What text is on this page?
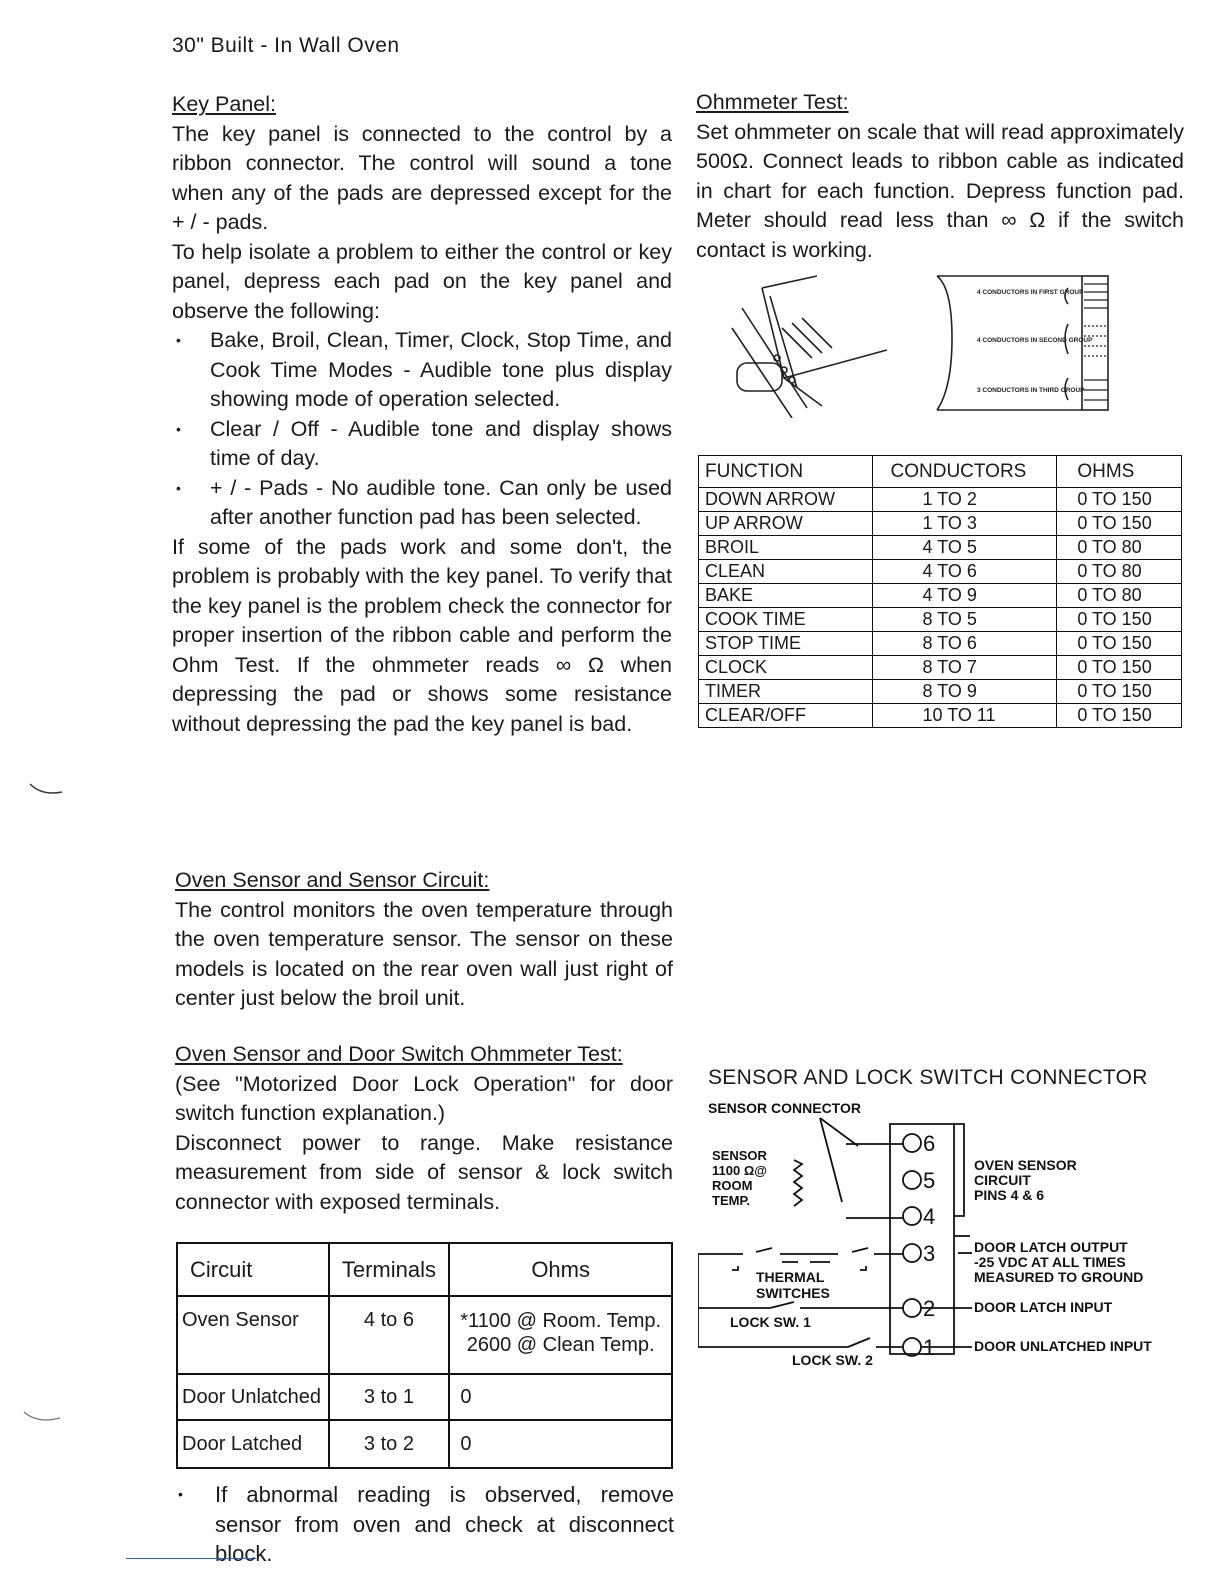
30" Built - In Wall Oven

Key Panel:

The key panel is connected to the control by a ribbon connector. The control will sound a tone when any of the pads are depressed except for the + / - pads.

To help isolate a problem to either the control or key panel, depress each pad on the key panel and observe the following:

• Bake, Broil, Clean, Timer, Clock, Stop Time, and Cook Time Modes - Audible tone plus display showing mode of operation selected.
• Clear / Off - Audible tone and display shows time of day.
• + / - Pads - No audible tone. Can only be used after another function pad has been selected.

If some of the pads work and some don't, the problem is probably with the key panel. To verify that the key panel is the problem check the connector for proper insertion of the ribbon cable and perform the Ohm Test. If the ohmmeter reads ∞ Ω when depressing the pad or shows some resistance without depressing the pad the key panel is bad.

Ohmmeter Test:

Set ohmmeter on scale that will read approximately 500Ω. Connect leads to ribbon cable as indicated in chart for each function. Depress function pad. Meter should read less than ∞ Ω if the switch contact is working.

4 CONDUCTORS IN FIRST GROUP
4 CONDUCTORS IN SECOND GROUP
3 CONDUCTORS IN THIRD GROUP
FUNCTION	CONDUCTORS	OHMS
DOWN ARROW	1 TO 2	0 TO 150
UP ARROW	1 TO 3	0 TO 150
BROIL	4 TO 5	0 TO 80
CLEAN	4 TO 6	0 TO 80
BAKE	4 TO 9	0 TO 80
COOK TIME	8 TO 5	0 TO 150
STOP TIME	8 TO 6	0 TO 150
CLOCK	8 TO 7	0 TO 150
TIMER	8 TO 9	0 TO 150
CLEAR/OFF	10 TO 11	0 TO 150

Oven Sensor and Sensor Circuit:

The control monitors the oven temperature through the oven temperature sensor. The sensor on these models is located on the rear oven wall just right of center just below the broil unit.

Oven Sensor and Door Switch Ohmmeter Test:

(See "Motorized Door Lock Operation" for door switch function explanation.)

Disconnect power to range. Make resistance measurement from side of sensor & lock switch connector with exposed terminals.

Circuit	Terminals	Ohms
Oven Sensor	4 to 6	*1100 @ Room. Temp.
2600 @ Clean Temp.

Door Unlatched	3 to 1	0
Door Latched	3 to 2	0
• If abnormal reading is observed, remove sensor from oven and check at disconnect block.
SENSOR AND LOCK SWITCH CONNECTOR
SENSOR CONNECTOR
SENSOR
1100 Ω@
ROOM
TEMP.
OVEN SENSOR
CIRCUIT
PINS 4 & 6
DOOR LATCH OUTPUT
-25 VDC AT ALL TIMES
MEASURED TO GROUND
DOOR LATCH INPUT
DOOR UNLATCHED INPUT
THERMAL
SWITCHES
LOCK SW. 1
LOCK SW. 2
6
5
4
3
2
1
